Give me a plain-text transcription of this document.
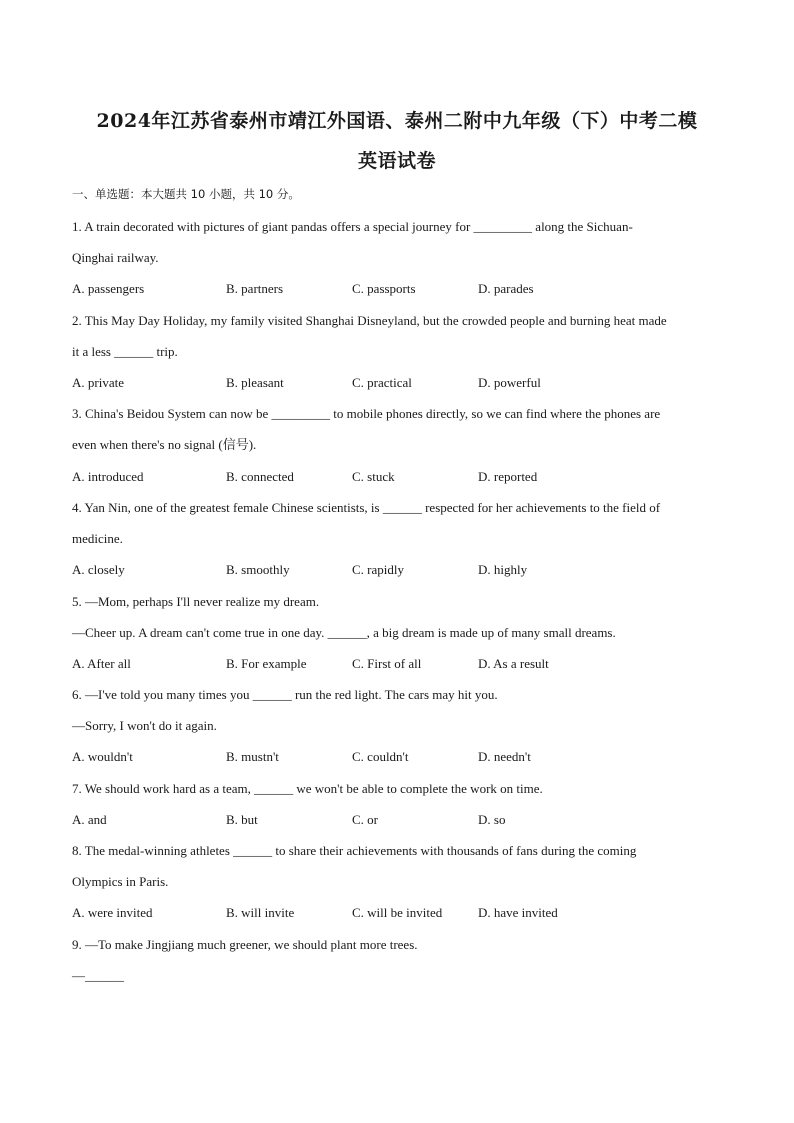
2024年江苏省泰州市靖江外国语、泰州二附中九年级（下）中考二模
英语试卷
一、单选题：本大题共 10 小题，共 10 分。
1. A train decorated with pictures of giant pandas offers a special journey for _________ along the Sichuan-
Qinghai railway.
A. passengers	B. partners	C. passports	D. parades
2. This May Day Holiday, my family visited Shanghai Disneyland, but the crowded people and burning heat made
it a less ______ trip.
A. private	B. pleasant	C. practical	D. powerful
3. China's Beidou System can now be _________ to mobile phones directly, so we can find where the phones are
even when there's no signal (信号).
A. introduced	B. connected	C. stuck	D. reported
4. Yan Nin, one of the greatest female Chinese scientists, is ______ respected for her achievements to the field of
medicine.
A. closely	B. smoothly	C. rapidly	D. highly
5. —Mom, perhaps I'll never realize my dream.
—Cheer up. A dream can't come true in one day. ______, a big dream is made up of many small dreams.
A. After all	B. For example	C. First of all	D. As a result
6. —I've told you many times you ______ run the red light. The cars may hit you.
—Sorry, I won't do it again.
A. wouldn't	B. mustn't	C. couldn't	D. needn't
7. We should work hard as a team, ______ we won't be able to complete the work on time.
A. and	B. but	C. or	D. so
8. The medal-winning athletes ______ to share their achievements with thousands of fans during the coming
Olympics in Paris.
A. were invited	B. will invite	C. will be invited	D. have invited
9. —To make Jingjiang much greener, we should plant more trees.
—______
